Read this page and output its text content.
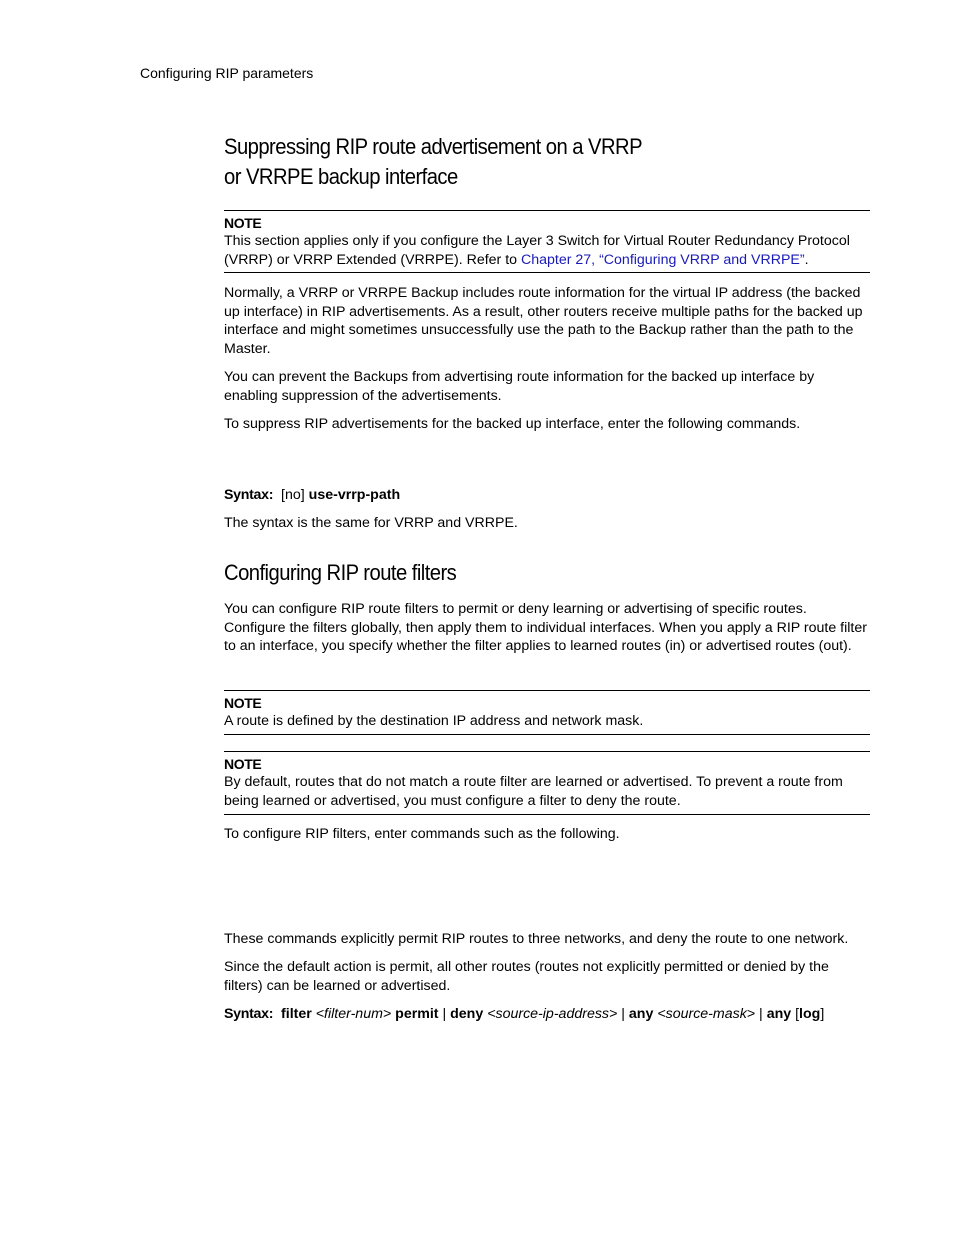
Configuring RIP parameters
Suppressing RIP route advertisement on a VRRP
or VRRPE backup interface
NOTE
This section applies only if you configure the Layer 3 Switch for Virtual Router Redundancy Protocol (VRRP) or VRRP Extended (VRRPE). Refer to Chapter 27, “Configuring VRRP and VRRPE”.
Normally, a VRRP or VRRPE Backup includes route information for the virtual IP address (the backed up interface) in RIP advertisements. As a result, other routers receive multiple paths for the backed up interface and might sometimes unsuccessfully use the path to the Backup rather than the path to the Master.
You can prevent the Backups from advertising route information for the backed up interface by enabling suppression of the advertisements.
To suppress RIP advertisements for the backed up interface, enter the following commands.
Syntax: [no] use-vrrp-path
The syntax is the same for VRRP and VRRPE.
Configuring RIP route filters
You can configure RIP route filters to permit or deny learning or advertising of specific routes. Configure the filters globally, then apply them to individual interfaces. When you apply a RIP route filter to an interface, you specify whether the filter applies to learned routes (in) or advertised routes (out).
NOTE
A route is defined by the destination IP address and network mask.
NOTE
By default, routes that do not match a route filter are learned or advertised. To prevent a route from being learned or advertised, you must configure a filter to deny the route.
To configure RIP filters, enter commands such as the following.
These commands explicitly permit RIP routes to three networks, and deny the route to one network.
Since the default action is permit, all other routes (routes not explicitly permitted or denied by the filters) can be learned or advertised.
Syntax: filter <filter-num> permit | deny <source-ip-address> | any <source-mask> | any [log]
